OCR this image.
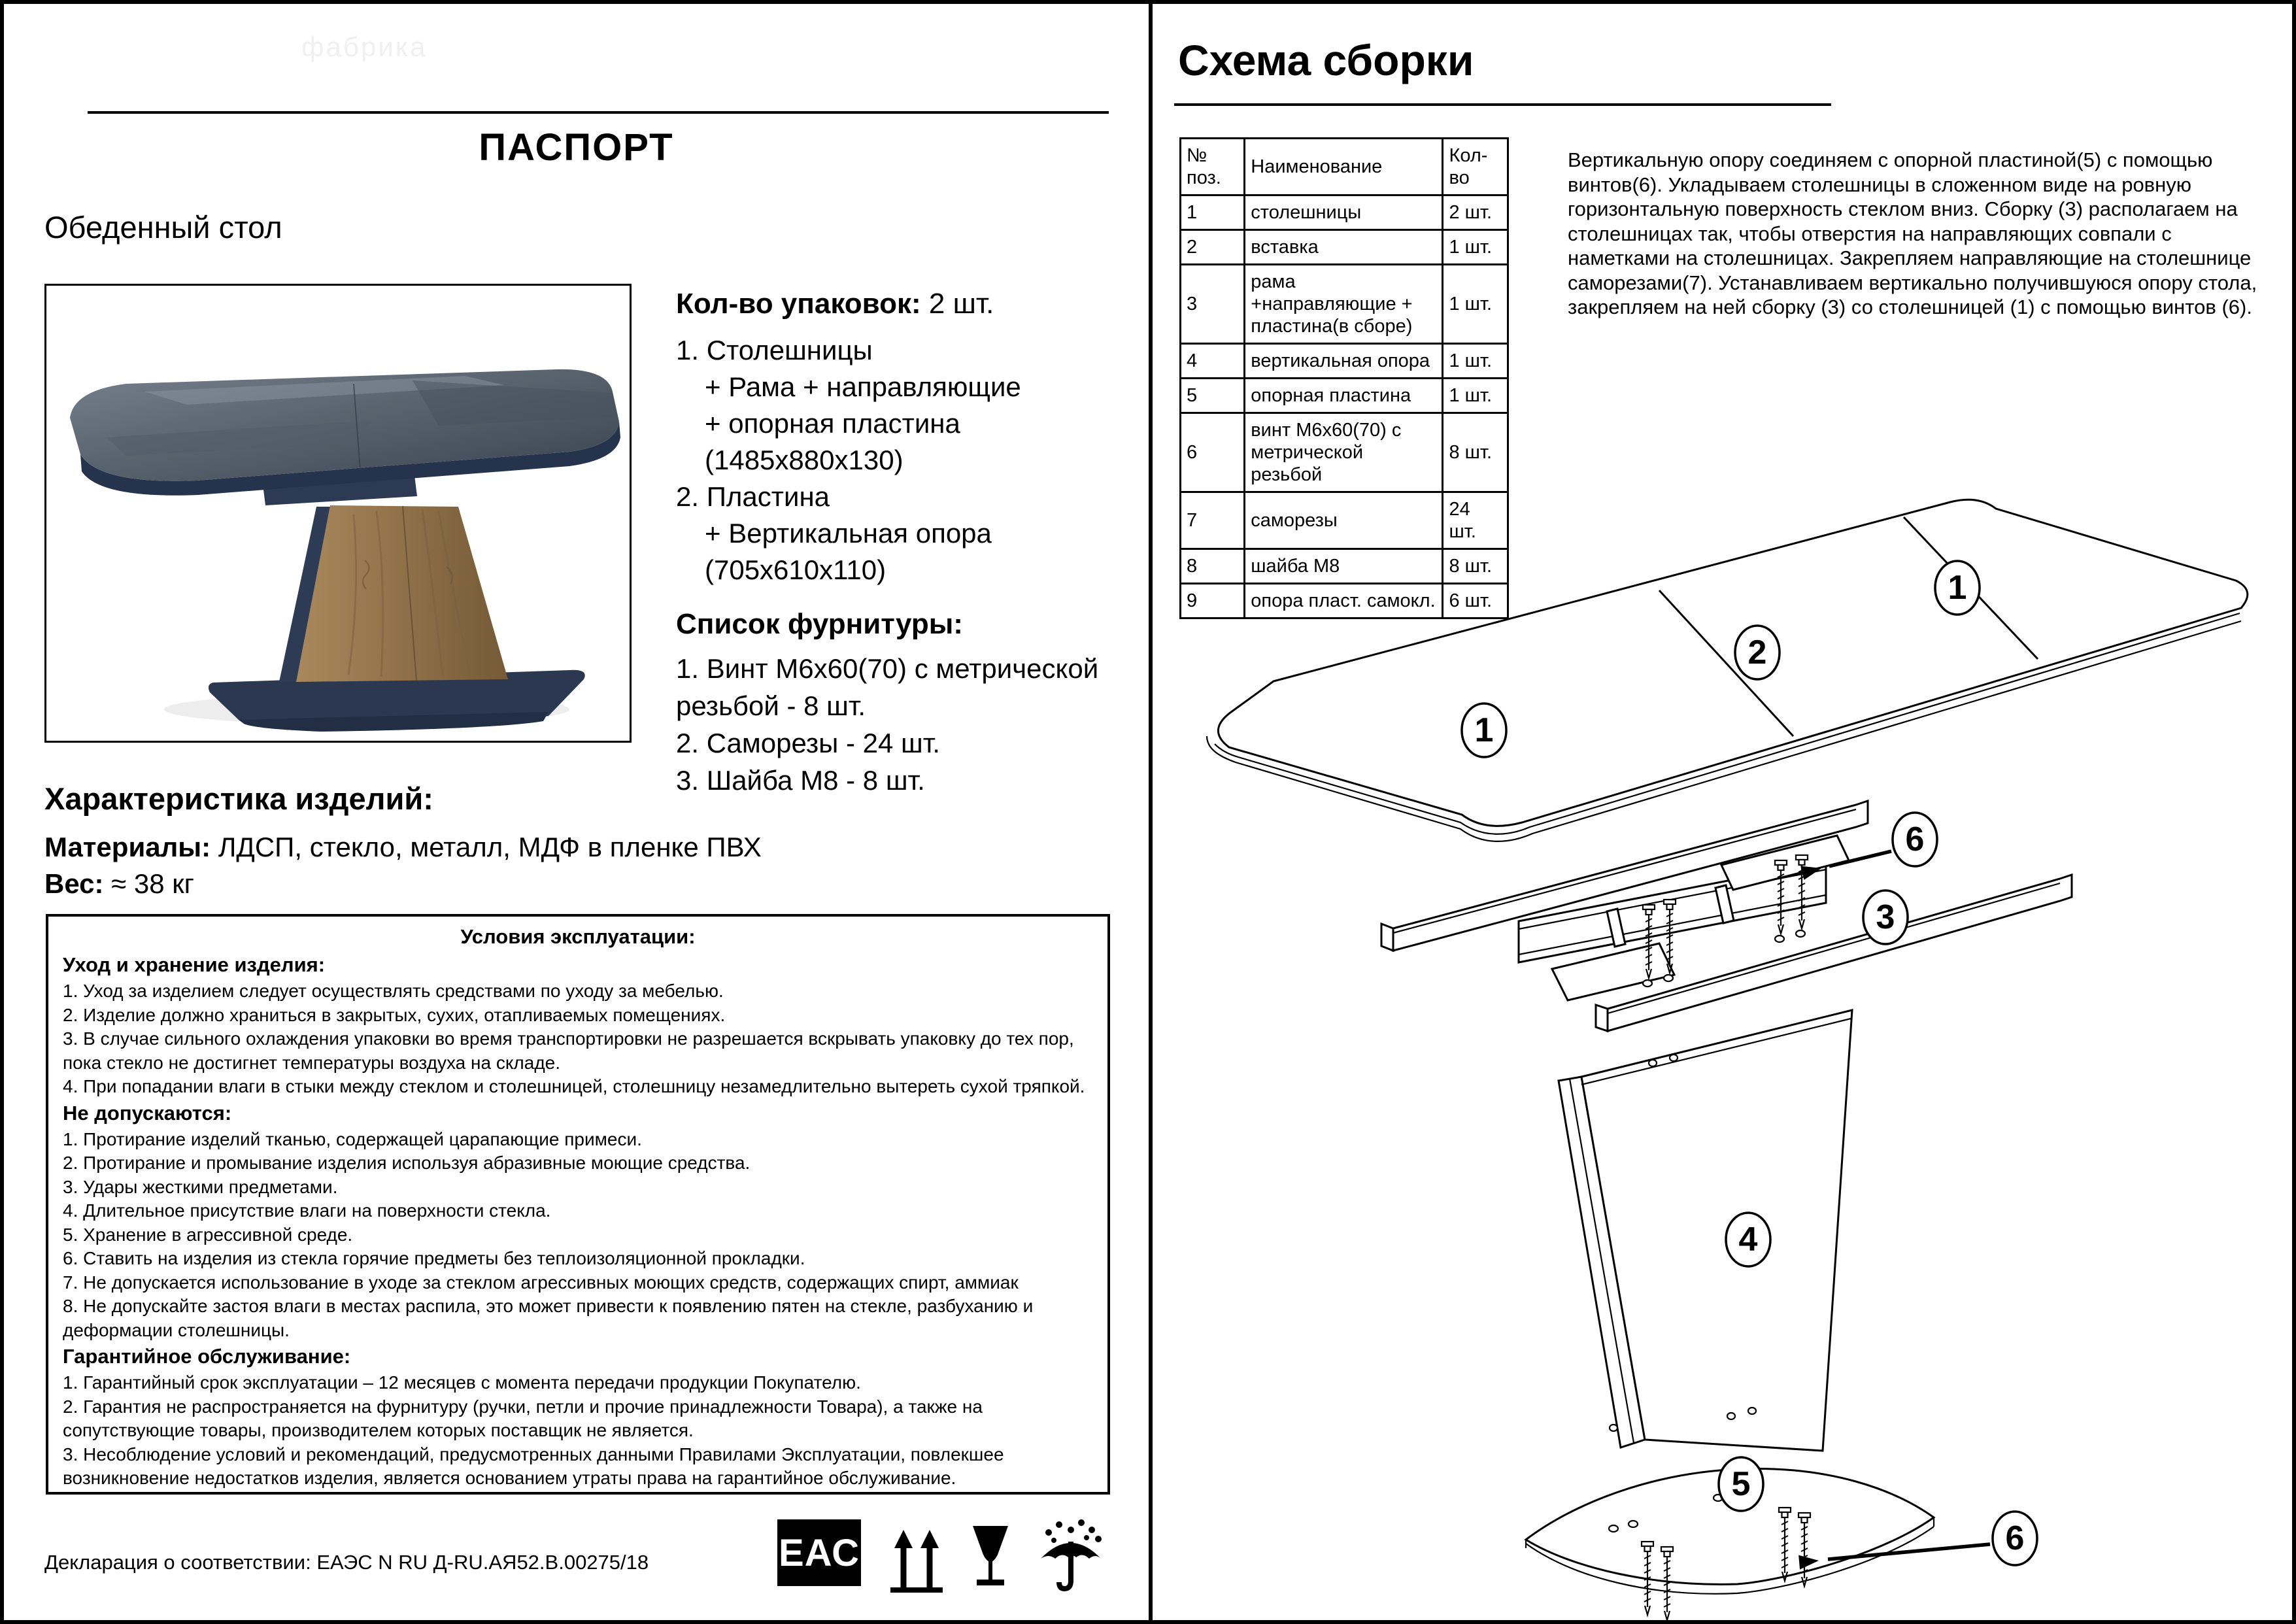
фабрика
ПАСПОРТ
Обеденный стол
Кол-во упаковок: 2 шт.
1. Столешницы
+ Рама + направляющие
+ опорная пластина
(1485х880х130)
2. Пластина
+ Вертикальная опора
(705х610х110)
Список фурнитуры:
1. Винт М6х60(70) с метрической резьбой - 8 шт.
2. Саморезы - 24 шт.
3. Шайба М8 - 8 шт.
Характеристика изделий:
Материалы: ЛДСП, стекло, металл, МДФ в пленке ПВХ
Вес: ≈ 38 кг
Условия эксплуатации:
Уход и хранение изделия:
1. Уход за изделием следует осуществлять средствами по уходу за мебелью.
2. Изделие должно храниться в закрытых, сухих, отапливаемых помещениях.
3. В случае сильного охлаждения упаковки во время транспортировки не разрешается вскрывать упаковку до тех пор, пока стекло не достигнет температуры воздуха на складе.
4. При попадании влаги в стыки между стеклом и столешницей, столешницу незамедлительно вытереть сухой тряпкой.
Не допускаются:
1. Протирание изделий тканью, содержащей царапающие примеси.
2. Протирание и промывание изделия используя абразивные моющие средства.
3. Удары жесткими предметами.
4. Длительное присутствие влаги на поверхности стекла.
5. Хранение в агрессивной среде.
6. Ставить на изделия из стекла горячие предметы без теплоизоляционной прокладки.
7. Не допускается использование в уходе за стеклом агрессивных моющих средств, содержащих спирт, аммиак
8. Не допускайте застоя влаги в местах распила, это может привести к появлению пятен на стекле, разбуханию и деформации столешницы.
Гарантийное обслуживание:
1. Гарантийный срок эксплуатации – 12 месяцев с момента передачи продукции Покупателю.
2. Гарантия не распространяется на фурнитуру (ручки, петли и прочие принадлежности Товара), а также на сопутствующие товары, производителем которых поставщик не является.
3. Несоблюдение условий и рекомендаций, предусмотренных данными Правилами Эксплуатации, повлекшее возникновение недостатков изделия, является основанием утраты права на гарантийное обслуживание.
Декларация о соответствии: ЕАЭС N RU Д-RU.АЯ52.В.00275/18	ЕАС
Схема сборки
№ поз.	Наименование	Кол-во
1	столешницы	2 шт.
2	вставка	1 шт.
3	рама +направляющие + пластина(в сборе)	1 шт.
4	вертикальная опора	1 шт.
5	опорная пластина	1 шт.
6	винт М6х60(70) с метрической резьбой	8 шт.
7	саморезы	24 шт.
8	шайба М8	8 шт.
9	опора пласт. самокл.	6 шт.
Вертикальную опору соединяем с опорной пластиной(5) с помощью винтов(6). Укладываем столешницы в сложенном виде на ровную горизонтальную поверхность стеклом вниз. Сборку (3) располагаем на столешницах так, чтобы отверстия на направляющих совпали с наметками на столешницах. Закрепляем направляющие на столешнице саморезами(7). Устанавливаем вертикально получившуюся опору стола, закрепляем на ней сборку (3) со столешницей (1) с помощью винтов (6).
1
2
1
6
3
4
5
6
